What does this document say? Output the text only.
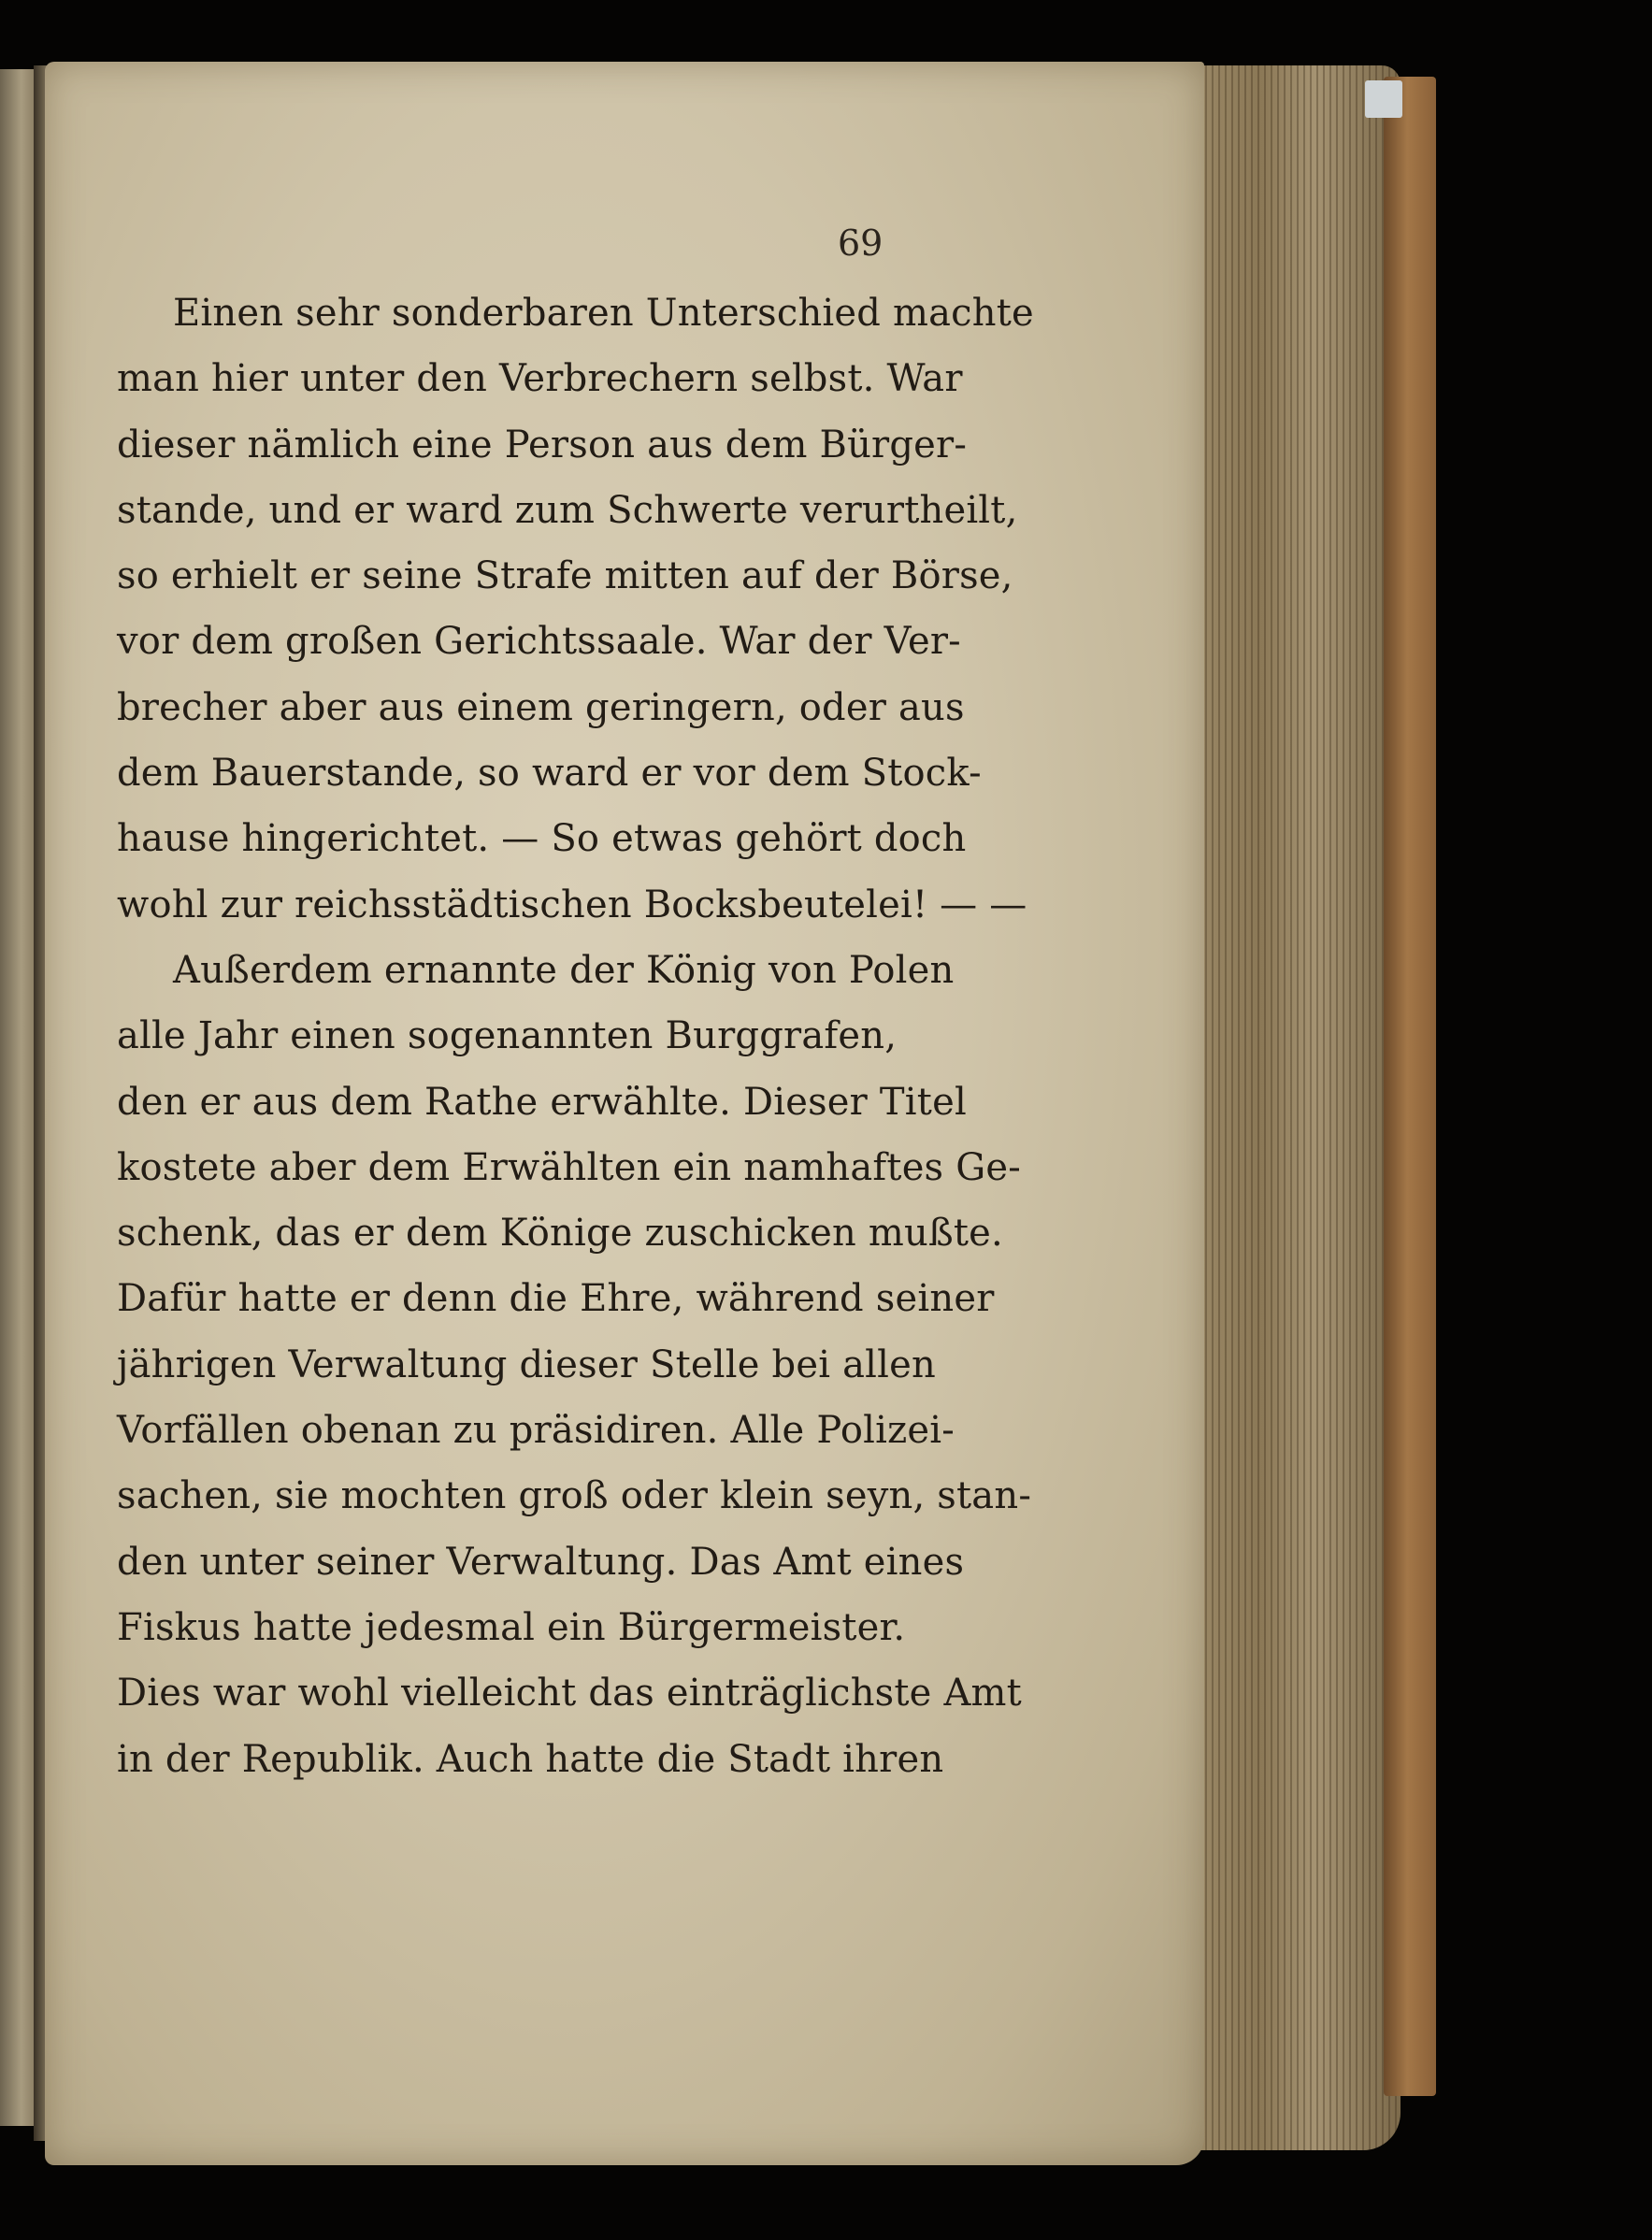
69
Einen sehr sonderbaren Unterschied machte
man hier unter den Verbrechern selbst. War
dieser nämlich eine Person aus dem Bürger-
stande, und er ward zum Schwerte verurtheilt,
so erhielt er seine Strafe mitten auf der Börse,
vor dem großen Gerichtssaale. War der Ver-
brecher aber aus einem geringern, oder aus
dem Bauerstande, so ward er vor dem Stock-
hause hingerichtet. — So etwas gehört doch
wohl zur reichsstädtischen Bocksbeutelei! — —
Außerdem ernannte der König von Polen
alle Jahr einen sogenannten Burggrafen,
den er aus dem Rathe erwählte. Dieser Titel
kostete aber dem Erwählten ein namhaftes Ge-
schenk, das er dem Könige zuschicken mußte.
Dafür hatte er denn die Ehre, während seiner
jährigen Verwaltung dieser Stelle bei allen
Vorfällen obenan zu präsidiren. Alle Polizei-
sachen, sie mochten groß oder klein seyn, stan-
den unter seiner Verwaltung. Das Amt eines
Fiskus hatte jedesmal ein Bürgermeister.
Dies war wohl vielleicht das einträglichste Amt
in der Republik. Auch hatte die Stadt ihren
